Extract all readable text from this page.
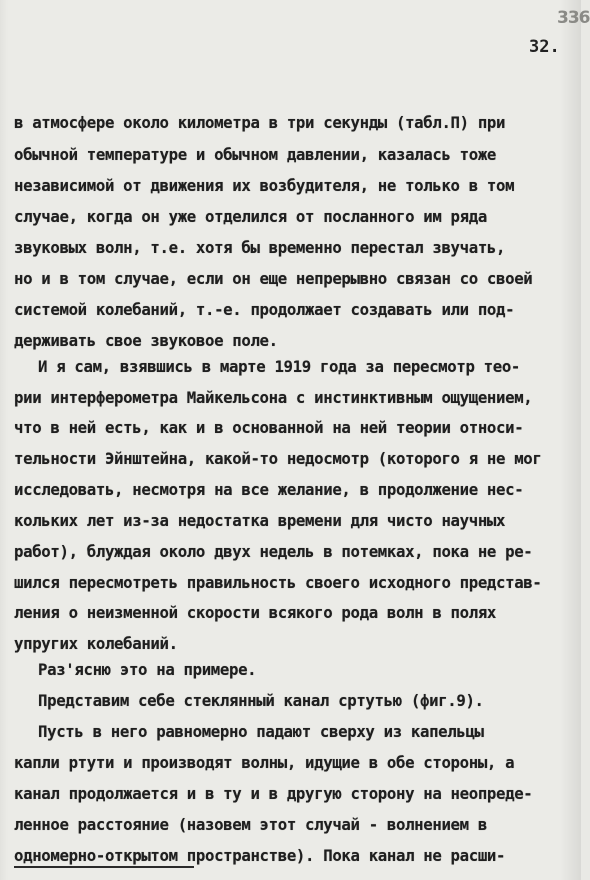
336
32.
в атмосфере около километра в три секунды (табл.П) при
обычной температуре и обычном давлении, казалась тоже
независимой от движения их возбудителя, не только в том
случае, когда он уже отделился от посланного им ряда
звуковых волн, т.е. хотя бы временно перестал звучать,
но и в том случае, если он еще непрерывно связан со своей
системой колебаний, т.-е. продолжает создавать или под-
держивать свое звуковое поле.
И я сам, взявшись в марте 1919 года за пересмотр тео-
рии интерферометра Майкельсона с инстинктивным ощущением,
что в ней есть, как и в основанной на ней теории относи-
тельности Эйнштейна, какой-то недосмотр (которого я не мог
исследовать, несмотря на все желание, в продолжение нес-
кольких лет из-за недостатка времени для чисто научных
работ), блуждая около двух недель в потемках, пока не ре-
шился пересмотреть правильность своего исходного представ-
ления о неизменной скорости всякого рода волн в полях
упругих колебаний.
Раз'ясню это на примере.
Представим себе стеклянный канал сртутью (фиг.9).
Пусть в него равномерно падают сверху из капельцы
капли ртути и производят волны, идущие в обе стороны, а
канал продолжается и в ту и в другую сторону на неопреде-
ленное расстояние (назовем этот случай - волнением в
одномерно-открытом пространстве). Пока канал не расши-
